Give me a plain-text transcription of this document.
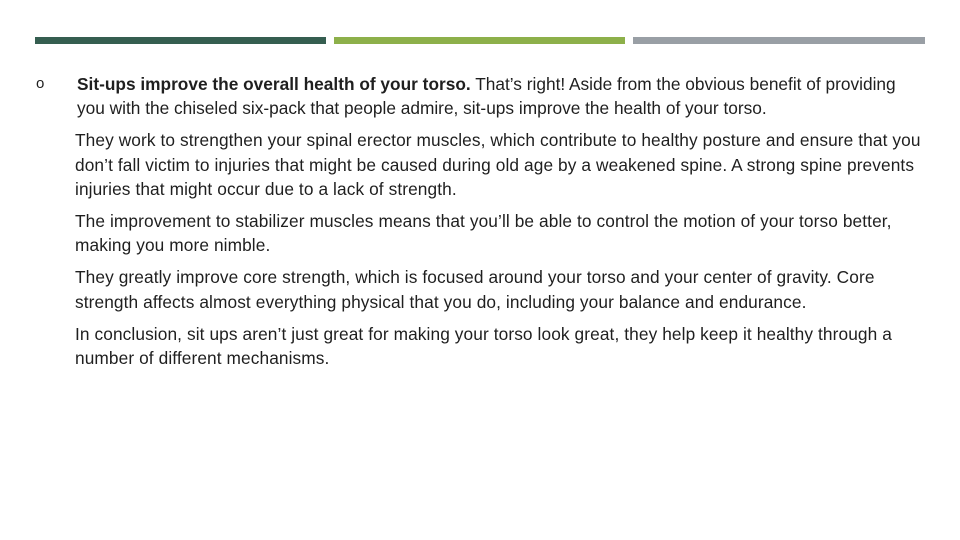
o Sit-ups improve the overall health of your torso. That’s right! Aside from the obvious benefit of providing you with the chiseled six-pack that people admire, sit-ups improve the health of your torso.

They work to strengthen your spinal erector muscles, which contribute to healthy posture and ensure that you don’t fall victim to injuries that might be caused during old age by a weakened spine. A strong spine prevents injuries that might occur due to a lack of strength.

The improvement to stabilizer muscles means that you’ll be able to control the motion of your torso better, making you more nimble.

They greatly improve core strength, which is focused around your torso and your center of gravity. Core strength affects almost everything physical that you do, including your balance and endurance.

In conclusion, sit ups aren’t just great for making your torso look great, they help keep it healthy through a number of different mechanisms.
